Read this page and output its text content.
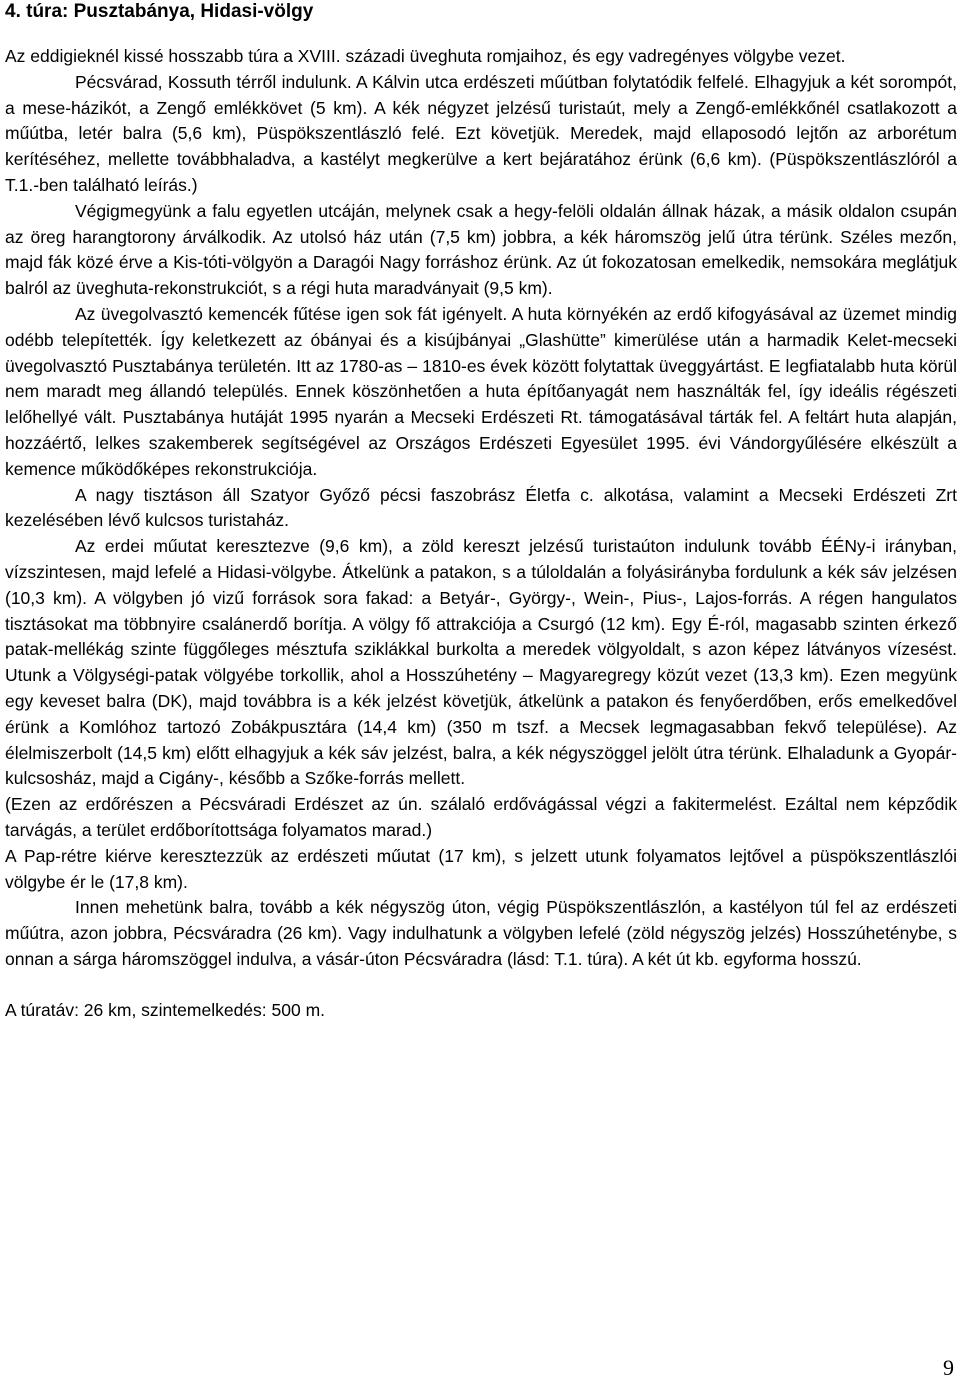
4. túra: Pusztabánya, Hidasi-völgy

Az eddigieknél kissé hosszabb túra a XVIII. századi üveghuta romjaihoz, és egy vadregényes völgybe vezet.

Pécsvárad, Kossuth térről indulunk. A Kálvin utca erdészeti műútban folytatódik felfelé. Elhagyjuk a két sorompót, a mese-házikót, a Zengő emlékkövet (5 km). A kék négyzet jelzésű turistaút, mely a Zengő-emlékkőnél csatlakozott a műútba, letér balra (5,6 km), Püspökszentlászló felé. Ezt követjük. Meredek, majd ellaposodó lejtőn az arborétum kerítéséhez, mellette továbbhaladva, a kastélyt megkerülve a kert bejáratához érünk (6,6 km). (Püspökszentlászlóról a T.1.-ben található leírás.)

Végigmegyünk a falu egyetlen utcáján, melynek csak a hegy-felöli oldalán állnak házak, a másik oldalon csupán az öreg harangtorony árválkodik. Az utolsó ház után (7,5 km) jobbra, a kék háromszög jelű útra térünk. Széles mezőn, majd fák közé érve a Kis-tóti-völgyön a Daragói Nagy forráshoz érünk. Az út fokozatosan emelkedik, nemsokára meglátjuk balról az üveghuta-rekonstrukciót, s a régi huta maradványait (9,5 km).

Az üvegolvasztó kemencék fűtése igen sok fát igényelt. A huta környékén az erdő kifogyásával az üzemet mindig odébb telepítették. Így keletkezett az óbányai és a kisújbányai „Glashütte” kimerülése után a harmadik Kelet-mecseki üvegolvasztó Pusztabánya területén. Itt az 1780-as – 1810-es évek között folytattak üveggyártást. E legfiatalabb huta körül nem maradt meg állandó település. Ennek köszönhetően a huta építőanyagát nem használták fel, így ideális régészeti lelőhellyé vált. Pusztabánya hutáját 1995 nyarán a Mecseki Erdészeti Rt. támogatásával tárták fel. A feltárt huta alapján, hozzáértő, lelkes szakemberek segítségével az Országos Erdészeti Egyesület 1995. évi Vándorgyűlésére elkészült a kemence működőképes rekonstrukciója.

A nagy tisztáson áll Szatyor Győző pécsi faszobrász Életfa c. alkotása, valamint a Mecseki Erdészeti Zrt kezelésében lévő kulcsos turistaház.

Az erdei műutat keresztezve (9,6 km), a zöld kereszt jelzésű turistaúton indulunk tovább ÉÉNy-i irányban, vízszintesen, majd lefelé a Hidasi-völgybe. Átkelünk a patakon, s a túloldalán a folyásirányba fordulunk a kék sáv jelzésen (10,3 km). A völgyben jó vizű források sora fakad: a Betyár-, György-, Wein-, Pius-, Lajos-forrás. A régen hangulatos tisztásokat ma többnyire csalánerdő borítja. A völgy fő attrakciója a Csurgó (12 km). Egy É-ról, magasabb szinten érkező patak-mellékág szinte függőleges mésztufa sziklákkal burkolta a meredek völgyoldalt, s azon képez látványos vízesést. Utunk a Völgységi-patak völgyébe torkollik, ahol a Hosszúhetény – Magyaregregy közút vezet (13,3 km). Ezen megyünk egy keveset balra (DK), majd továbbra is a kék jelzést követjük, átkelünk a patakon és fenyőerdőben, erős emelkedővel érünk a Komlóhoz tartozó Zobákpusztára (14,4 km) (350 m tszf. a Mecsek legmagasabban fekvő települése). Az élelmiszerbolt (14,5 km) előtt elhagyjuk a kék sáv jelzést, balra, a kék négyszöggel jelölt útra térünk. Elhaladunk a Gyopár-kulcsosház, majd a Cigány-, később a Szőke-forrás mellett.

(Ezen az erdőrészen a Pécsváradi Erdészet az ún. szálaló erdővágással végzi a fakitermelést. Ezáltal nem képződik tarvágás, a terület erdőborítottsága folyamatos marad.)

A Pap-rétre kiérve keresztezzük az erdészeti műutat (17 km), s jelzett utunk folyamatos lejtővel a püspökszentlászlói völgybe ér le (17,8 km).

Innen mehetünk balra, tovább a kék négyszög úton, végig Püspökszentlászlón, a kastélyon túl fel az erdészeti műútra, azon jobbra, Pécsváradra (26 km). Vagy indulhatunk a völgyben lefelé (zöld négyszög jelzés) Hosszúheténybe, s onnan a sárga háromszöggel indulva, a vásár-úton Pécsváradra (lásd: T.1. túra). A két út kb. egyforma hosszú.

A túratáv: 26 km, szintemelkedés: 500 m.

9
